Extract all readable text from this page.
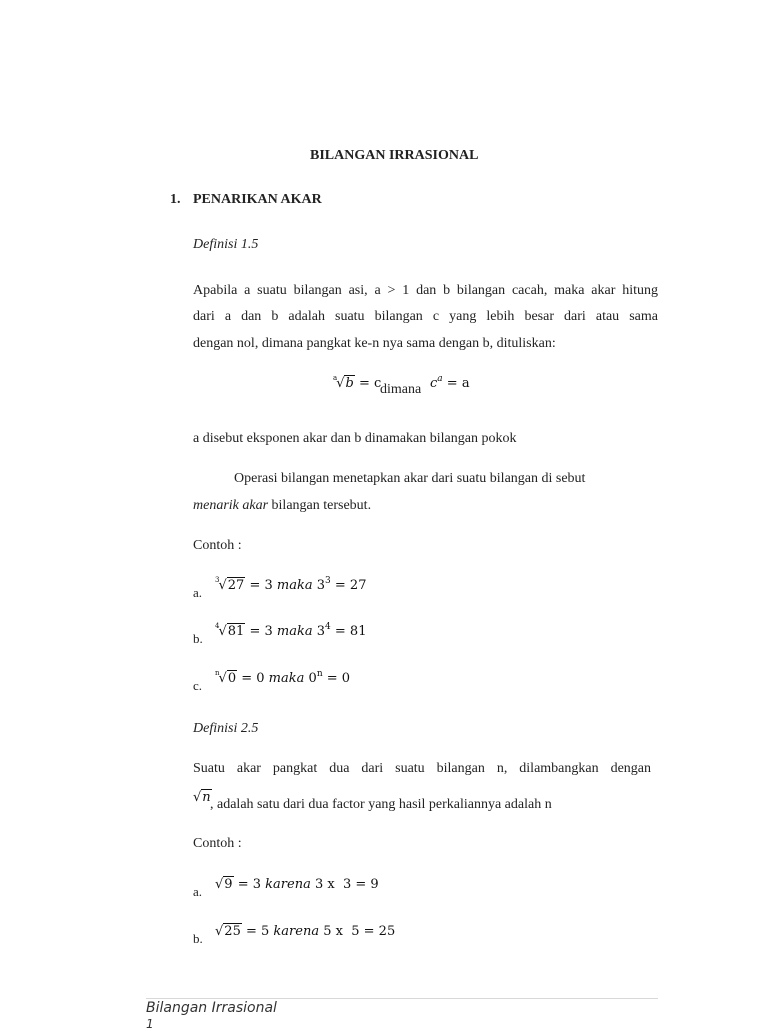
BILANGAN IRRASIONAL
1. PENARIKAN AKAR
Definisi 1.5
Apabila a suatu bilangan asi, a > 1 dan b bilangan cacah, maka akar hitung
dari a dan b adalah suatu bilangan c yang lebih besar dari atau sama
dengan nol, dimana pangkat ke-n nya sama dengan b, dituliskan:
$^a$√b = c
dimana $c^a = a$
a disebut eksponen akar dan b dinamakan bilangan pokok
Operasi bilangan menetapkan akar dari suatu bilangan di sebut
menarik akar bilangan tersebut.
Contoh :
a.
$^3$√27 = 3 maka $3^3 = 27$
b.
$^4$√81 = 3 maka $3^4 = 81$
c.
$^n$√0 = 0 maka $0^n = 0$
Definisi 2.5
Suatu akar pangkat dua dari suatu bilangan n, dilambangkan dengan
√n , adalah satu dari dua factor yang hasil perkaliannya adalah n
Contoh :
a. √9 = 3 karena 3 x 3 = 9
b. √25 = 5 karena 5 x 5 = 25
Bilangan Irrasional
1
